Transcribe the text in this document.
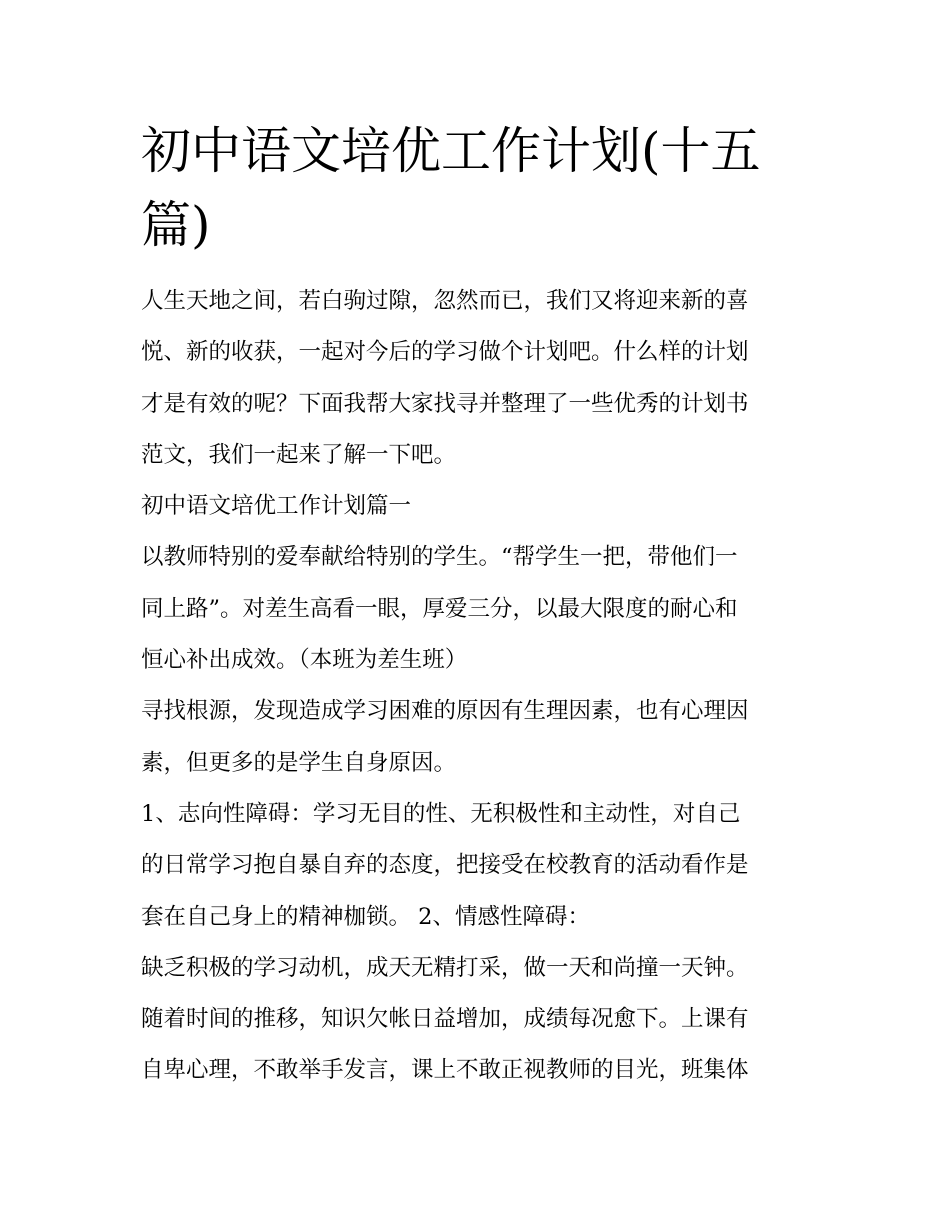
初中语文培优工作计划(十五
篇)

人生天地之间，若白驹过隙，忽然而已，我们又将迎来新的喜

悦、新的收获，一起对今后的学习做个计划吧。什么样的计划

才是有效的呢？下面我帮大家找寻并整理了一些优秀的计划书

范文，我们一起来了解一下吧。

初中语文培优工作计划篇一

以教师特别的爱奉献给特别的学生。“帮学生一把，带他们一

同上路”。对差生高看一眼，厚爱三分，以最大限度的耐心和

恒心补出成效。（本班为差生班）

寻找根源，发现造成学习困难的原因有生理因素，也有心理因

素，但更多的是学生自身原因。

1、志向性障碍：学习无目的性、无积极性和主动性，对自己

的日常学习抱自暴自弃的态度，把接受在校教育的活动看作是

套在自己身上的精神枷锁。 2、情感性障碍：

缺乏积极的学习动机，成天无精打采，做一天和尚撞一天钟。

随着时间的推移，知识欠帐日益增加，成绩每况愈下。上课有

自卑心理，不敢举手发言，课上不敢正视教师的目光，班集体
